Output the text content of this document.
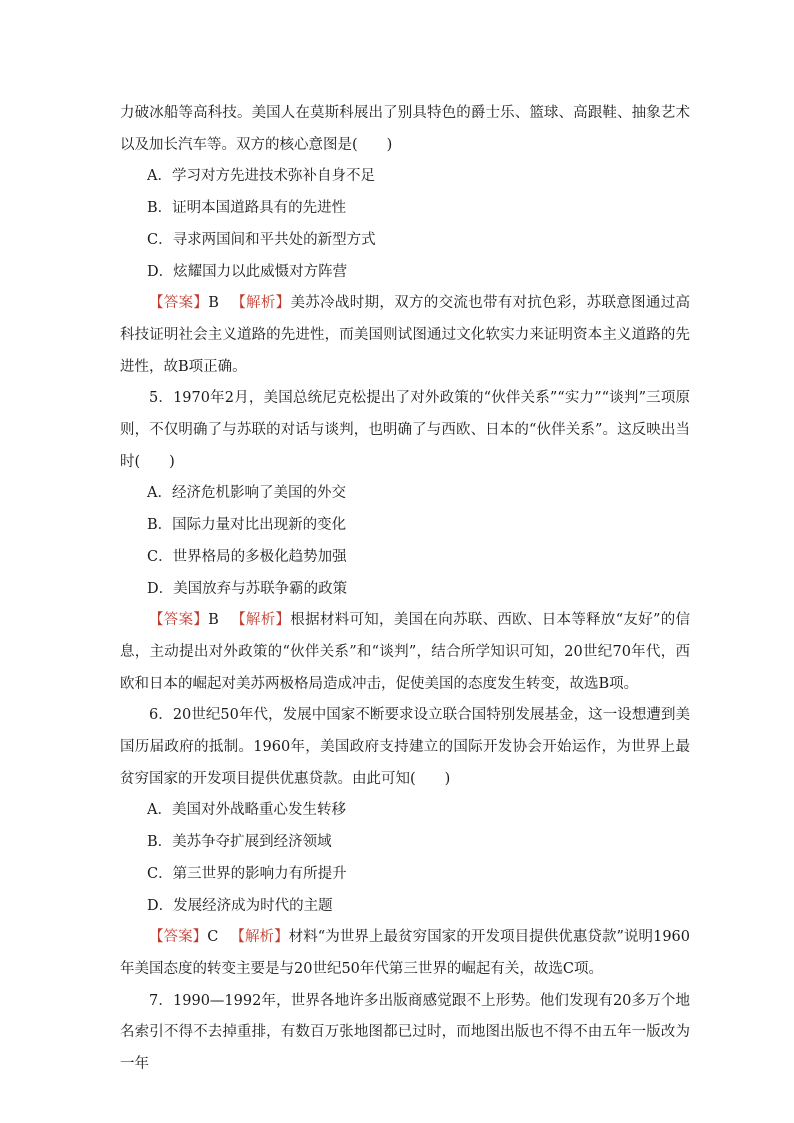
力破冰船等高科技。美国人在莫斯科展出了别具特色的爵士乐、篮球、高跟鞋、抽象艺术以及加长汽车等。双方的核心意图是(　　)

A．学习对方先进技术弥补自身不足

B．证明本国道路具有的先进性

C．寻求两国间和平共处的新型方式

D．炫耀国力以此威慑对方阵营

【答案】B 【解析】美苏冷战时期，双方的交流也带有对抗色彩，苏联意图通过高科技证明社会主义道路的先进性，而美国则试图通过文化软实力来证明资本主义道路的先进性，故B项正确。

5．1970年2月，美国总统尼克松提出了对外政策的“伙伴关系”“实力”“谈判”三项原则，不仅明确了与苏联的对话与谈判，也明确了与西欧、日本的“伙伴关系”。这反映出当时(　　)

A．经济危机影响了美国的外交

B．国际力量对比出现新的变化

C．世界格局的多极化趋势加强

D．美国放弃与苏联争霸的政策

【答案】B 【解析】根据材料可知，美国在向苏联、西欧、日本等释放“友好”的信息，主动提出对外政策的“伙伴关系”和“谈判”，结合所学知识可知，20世纪70年代，西欧和日本的崛起对美苏两极格局造成冲击，促使美国的态度发生转变，故选B项。

6．20世纪50年代，发展中国家不断要求设立联合国特别发展基金，这一设想遭到美国历届政府的抵制。1960年，美国政府支持建立的国际开发协会开始运作，为世界上最贫穷国家的开发项目提供优惠贷款。由此可知(　　)

A．美国对外战略重心发生转移

B．美苏争夺扩展到经济领域

C．第三世界的影响力有所提升

D．发展经济成为时代的主题

【答案】C 【解析】材料“为世界上最贫穷国家的开发项目提供优惠贷款”说明1960年美国态度的转变主要是与20世纪50年代第三世界的崛起有关，故选C项。

7．1990—1992年，世界各地许多出版商感觉跟不上形势。他们发现有20多万个地名索引不得不去掉重排，有数百万张地图都已过时，而地图出版也不得不由五年一版改为一年
